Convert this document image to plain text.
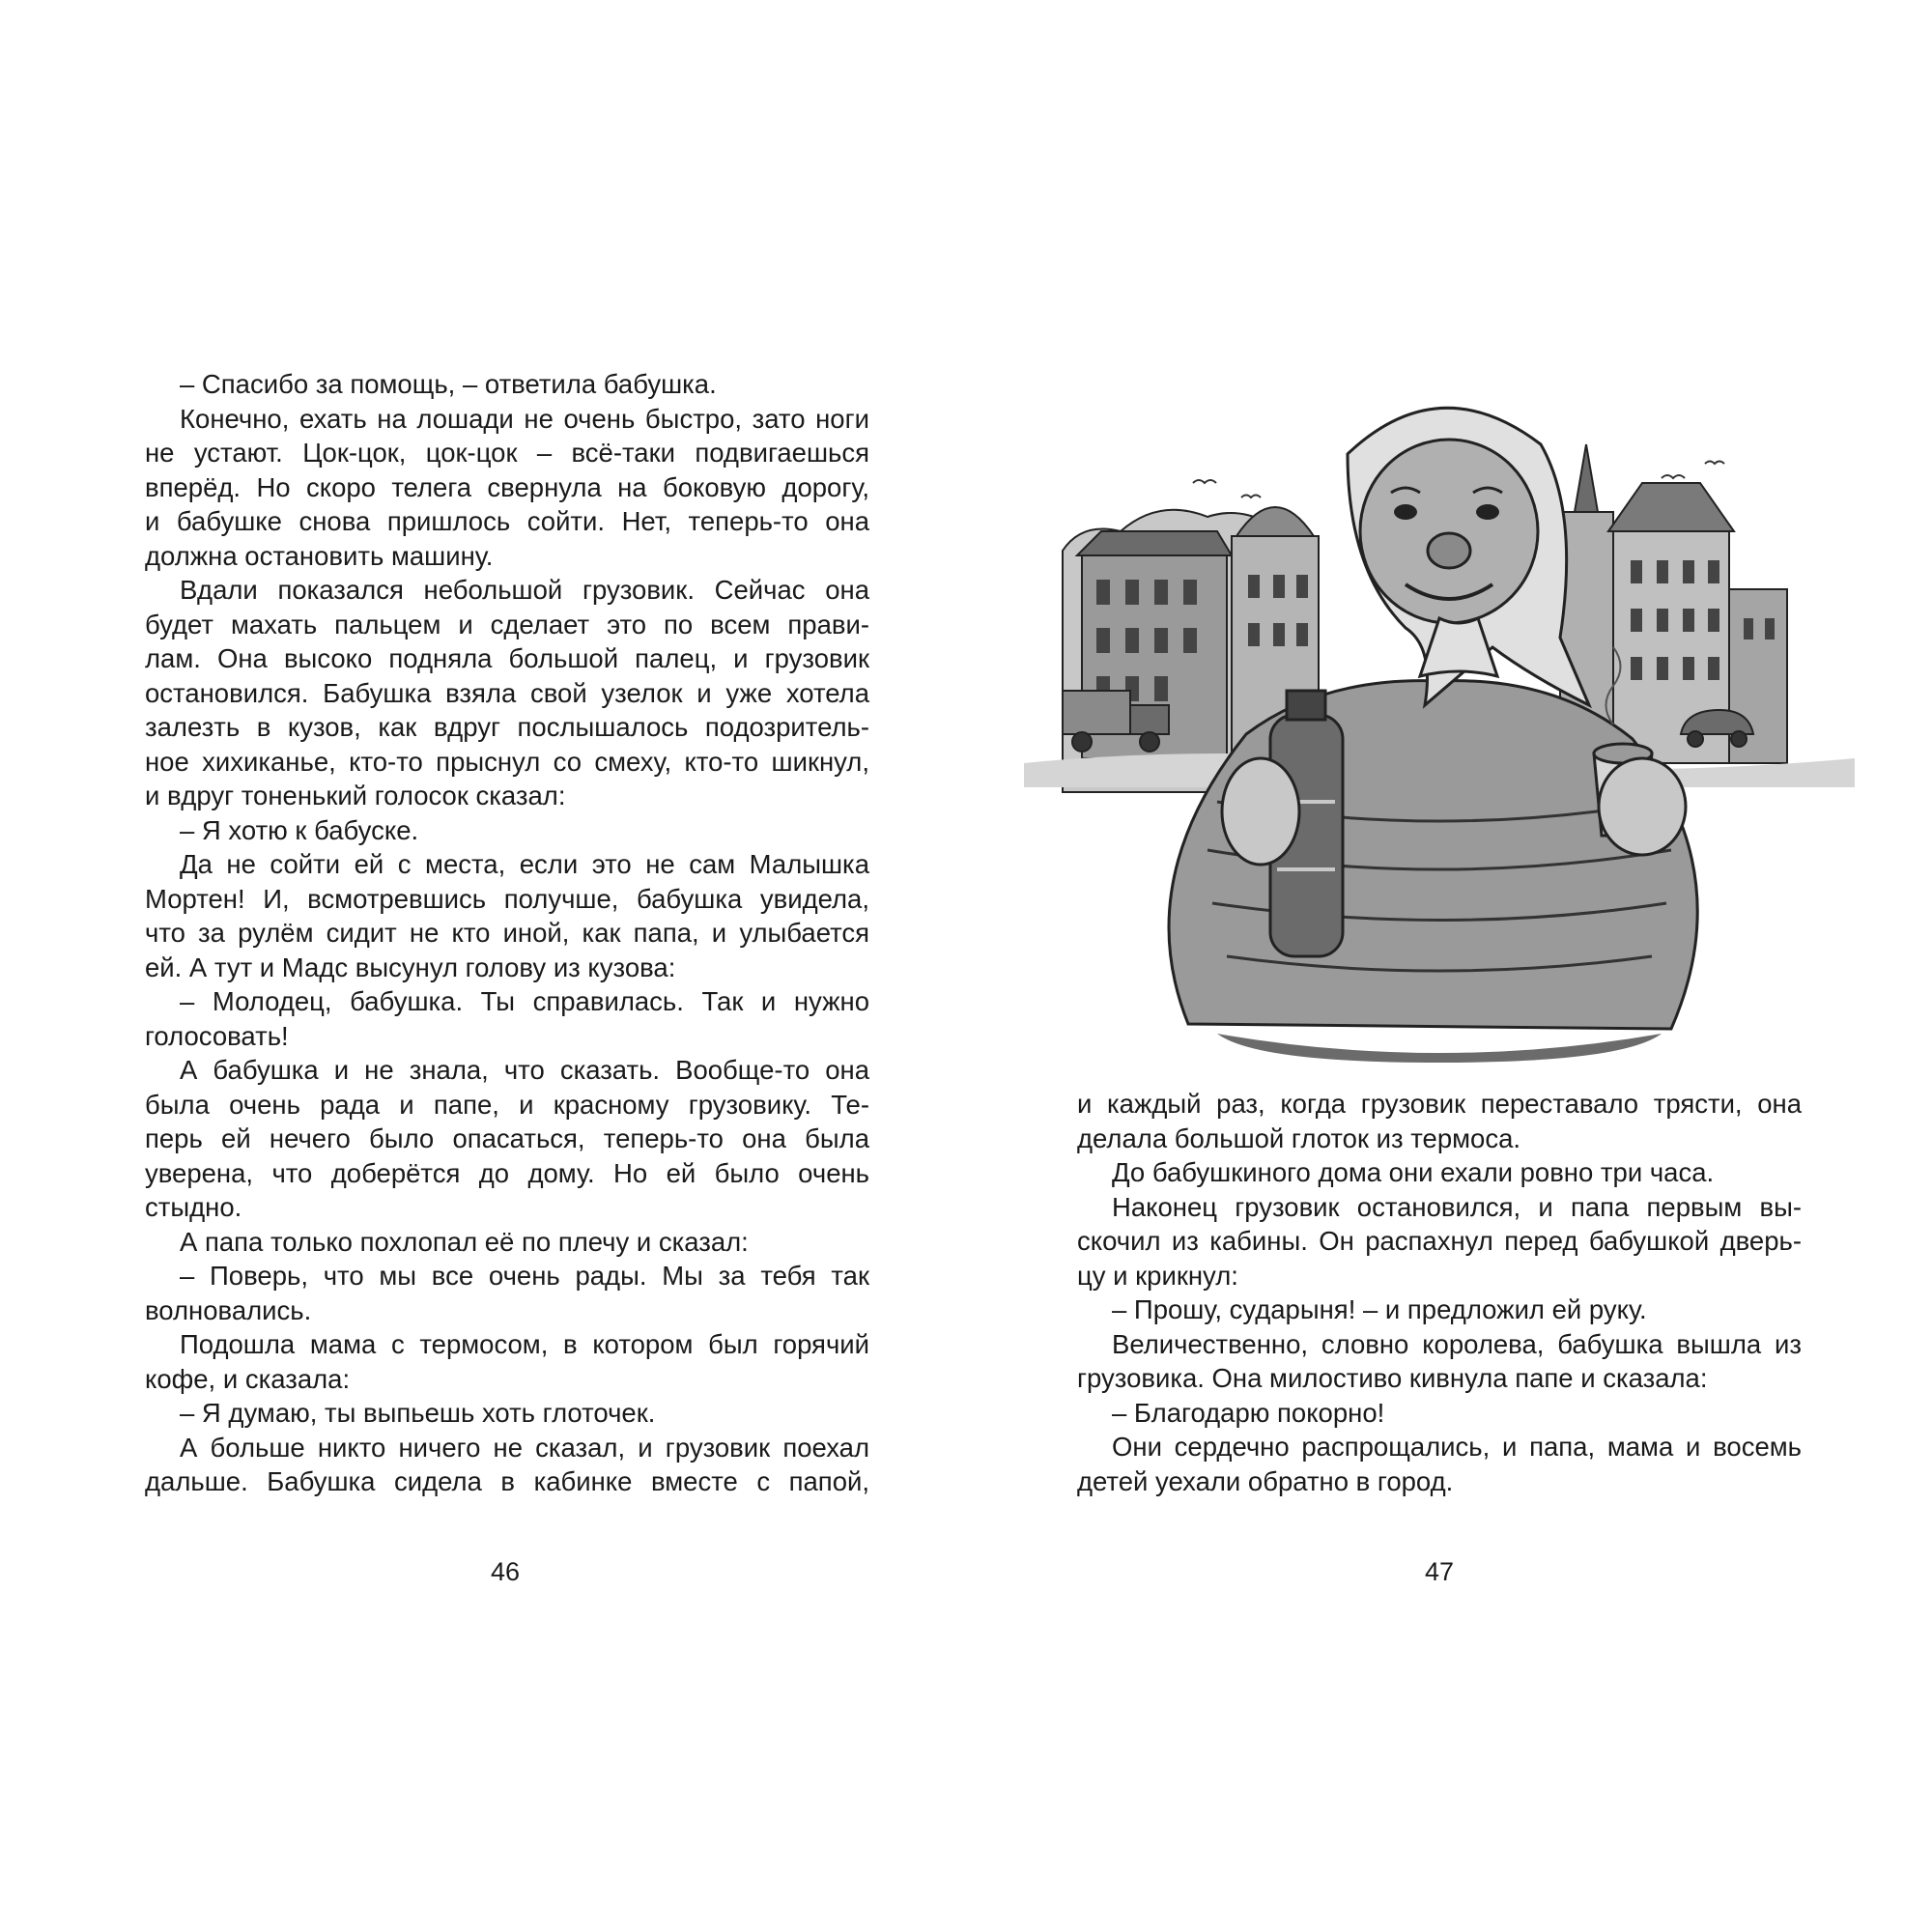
– Спасибо за помощь, – ответила бабушка.

Конечно, ехать на лошади не очень быстро, зато ноги

не устают. Цок-цок, цок-цок – всё-таки подвигаешься

вперёд. Но скоро телега свернула на боковую дорогу,

и бабушке снова пришлось сойти. Нет, теперь-то она

должна остановить машину.

Вдали показался небольшой грузовик. Сейчас она

будет махать пальцем и сделает это по всем прави-

лам. Она высоко подняла большой палец, и грузовик

остановился. Бабушка взяла свой узелок и уже хотела

залезть в кузов, как вдруг послышалось подозритель-

ное хихиканье, кто-то прыснул со смеху, кто-то шикнул,

и вдруг тоненький голосок сказал:

– Я хотю к бабуске.

Да не сойти ей с места, если это не сам Малышка

Мортен! И, всмотревшись получше, бабушка увидела,

что за рулём сидит не кто иной, как папа, и улыбается

ей. А тут и Мадс высунул голову из кузова:

– Молодец, бабушка. Ты справилась. Так и нужно

голосовать!

А бабушка и не знала, что сказать. Вообще-то она

была очень рада и папе, и красному грузовику. Те-

перь ей нечего было опасаться, теперь-то она была

уверена, что доберётся до дому. Но ей было очень

стыдно.

А папа только похлопал её по плечу и сказал:

– Поверь, что мы все очень рады. Мы за тебя так

волновались.

Подошла мама с термосом, в котором был горячий

кофе, и сказала:

– Я думаю, ты выпьешь хоть глоточек.

А больше никто ничего не сказал, и грузовик поехал

дальше. Бабушка сидела в кабинке вместе с папой,

46

и каждый раз, когда грузовик переставало трясти, она

делала большой глоток из термоса.

До бабушкиного дома они ехали ровно три часа.

Наконец грузовик остановился, и папа первым вы-

скочил из кабины. Он распахнул перед бабушкой дверь-

цу и крикнул:

– Прошу, сударыня! – и предложил ей руку.

Величественно, словно королева, бабушка вышла из

грузовика. Она милостиво кивнула папе и сказала:

– Благодарю покорно!

Они сердечно распрощались, и папа, мама и восемь

детей уехали обратно в город.

47
